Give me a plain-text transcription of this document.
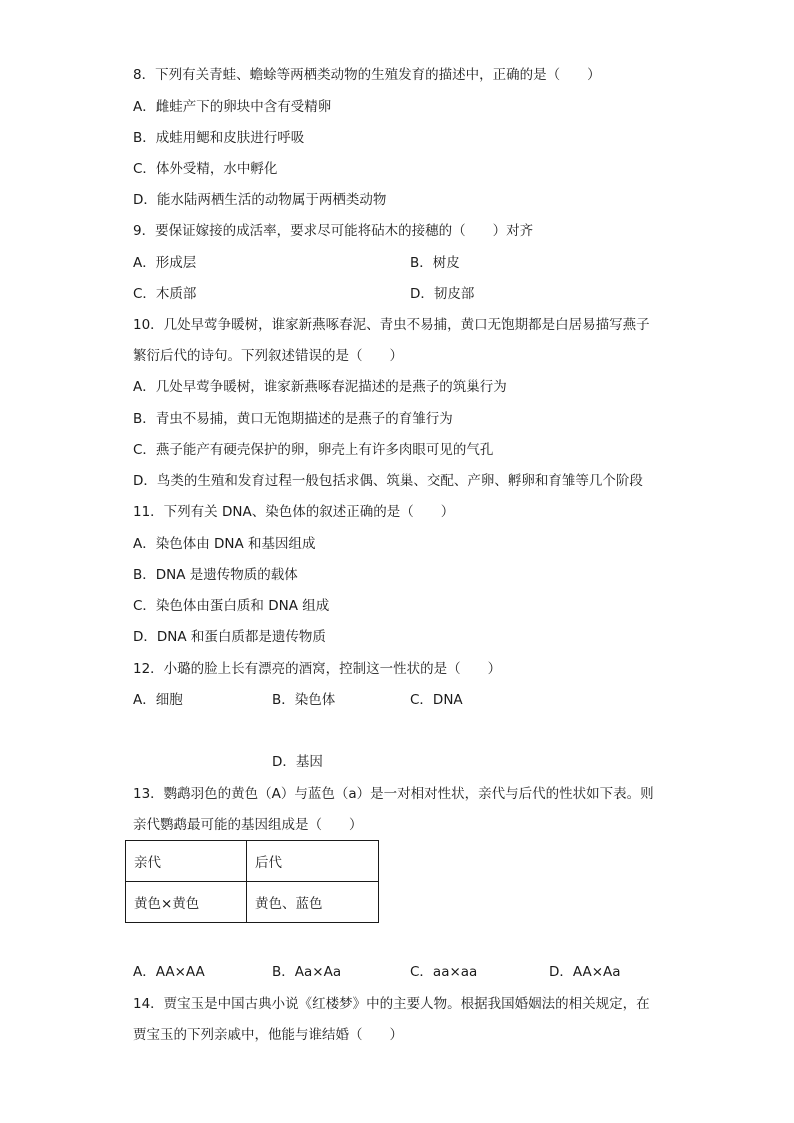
8．下列有关青蛙、蟾蜍等两栖类动物的生殖发育的描述中，正确的是（　　）
A．雌蛙产下的卵块中含有受精卵
B．成蛙用鳃和皮肤进行呼吸
C．体外受精，水中孵化
D．能水陆两栖生活的动物属于两栖类动物
9．要保证嫁接的成活率，要求尽可能将砧木的接穗的（　　）对齐
A．形成层	B．树皮
C．木质部	D．韧皮部
10．几处早莺争暖树，谁家新燕啄春泥、青虫不易捕，黄口无饱期都是白居易描写燕子
繁衍后代的诗句。下列叙述错误的是（　　）
A．几处早莺争暖树，谁家新燕啄春泥描述的是燕子的筑巢行为
B．青虫不易捕，黄口无饱期描述的是燕子的育雏行为
C．燕子能产有硬壳保护的卵，卵壳上有许多肉眼可见的气孔
D．鸟类的生殖和发育过程一般包括求偶、筑巢、交配、产卵、孵卵和育雏等几个阶段
11．下列有关 DNA、染色体的叙述正确的是（　　）
A．染色体由 DNA 和基因组成
B．DNA 是遗传物质的载体
C．染色体由蛋白质和 DNA 组成
D．DNA 和蛋白质都是遗传物质
12．小璐的脸上长有漂亮的酒窝，控制这一性状的是（　　）
A．细胞	B．染色体	C．DNA
D．基因
13．鹦鹉羽色的黄色（A）与蓝色（a）是一对相对性状，亲代与后代的性状如下表。则
亲代鹦鹉最可能的基因组成是（　　）
亲代	后代
黄色×黄色	黄色、蓝色
A．AA×AA	B．Aa×Aa	C．aa×aa	D．AA×Aa
14．贾宝玉是中国古典小说《红楼梦》中的主要人物。根据我国婚姻法的相关规定，在
贾宝玉的下列亲戚中，他能与谁结婚（　　）
